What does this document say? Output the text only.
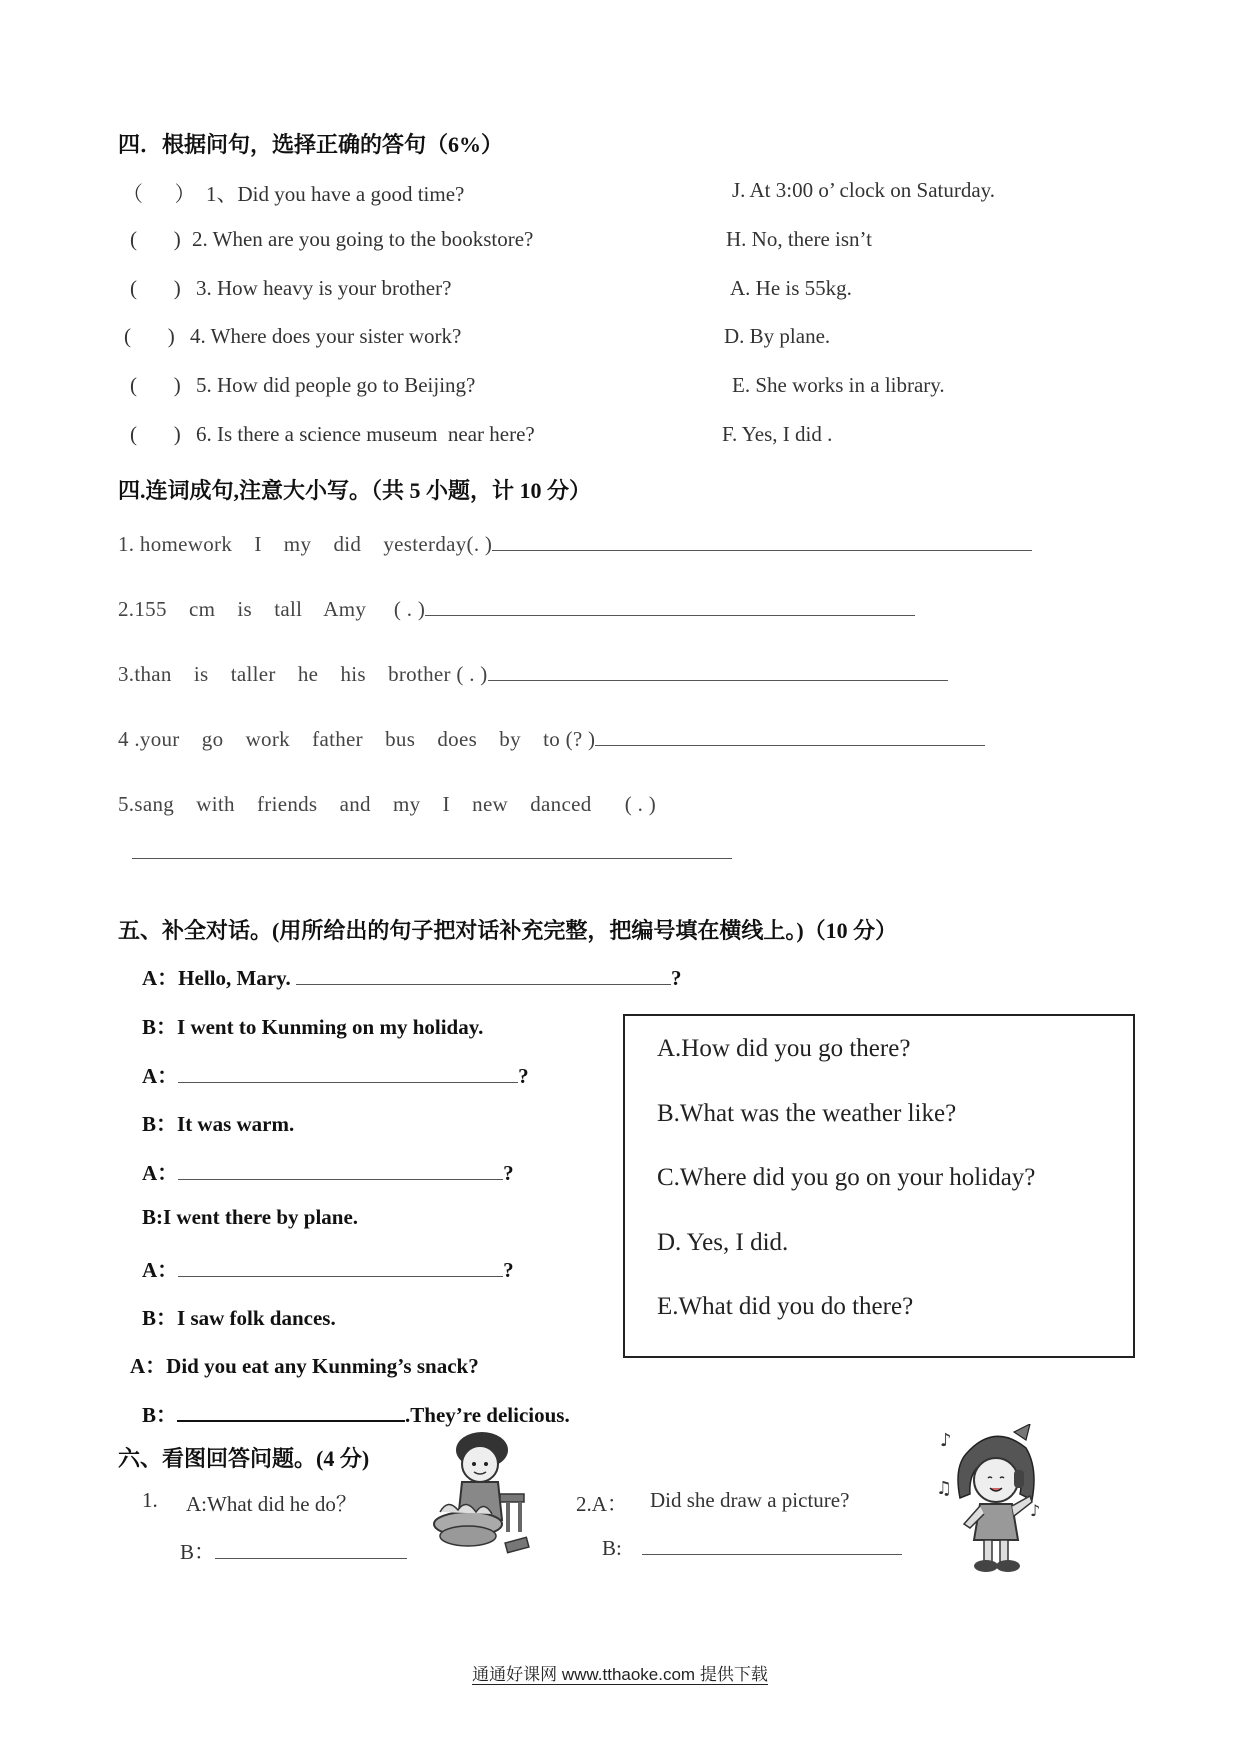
四．根据问句，选择正确的答句（6%）
（      ） 1、Did you have a good time?	J. At 3:00 o’ clock on Saturday.
(       ) 2. When are you going to the bookstore?	H. No, there isn’t
(       ) 3. How heavy is your brother?	A. He is 55kg.
(       ) 4. Where does your sister work?	D. By plane.
(       ) 5. How did people go to Beijing?	E. She works in a library.
(       ) 6. Is there a science museum  near here?	F. Yes, I did .
四.连词成句,注意大小写。（共 5 小题，计 10 分）
1. homework    I    my    did    yesterday(. )
2.155    cm    is    tall    Amy     ( . )
3.than    is    taller    he    his    brother ( . )
4 .your    go    work    father    bus    does    by    to (? )
5.sang    with    friends    and    my    I    new    danced      ( . )
五、补全对话。(用所给出的句子把对话补充完整，把编号填在横线上。)（10 分）
A：Hello, Mary.	?
B：I went to Kunming on my holiday.
A：	?
B：It was warm.
A：	?
B:I went there by plane.
A：	?
B：I saw folk dances.
A：Did you eat any Kunming’s snack?
B：	.They’re delicious.
A.How did you go there?
B.What was the weather like?
C.Where did you go on your holiday?
D. Yes, I did.
E.What did you do there?
六、看图回答问题。(4 分)
1. A:What did he do？
B：
2.A： Did she draw a picture?
B:
♪
♫
♪
通通好课网 www.tthaoke.com 提供下载
